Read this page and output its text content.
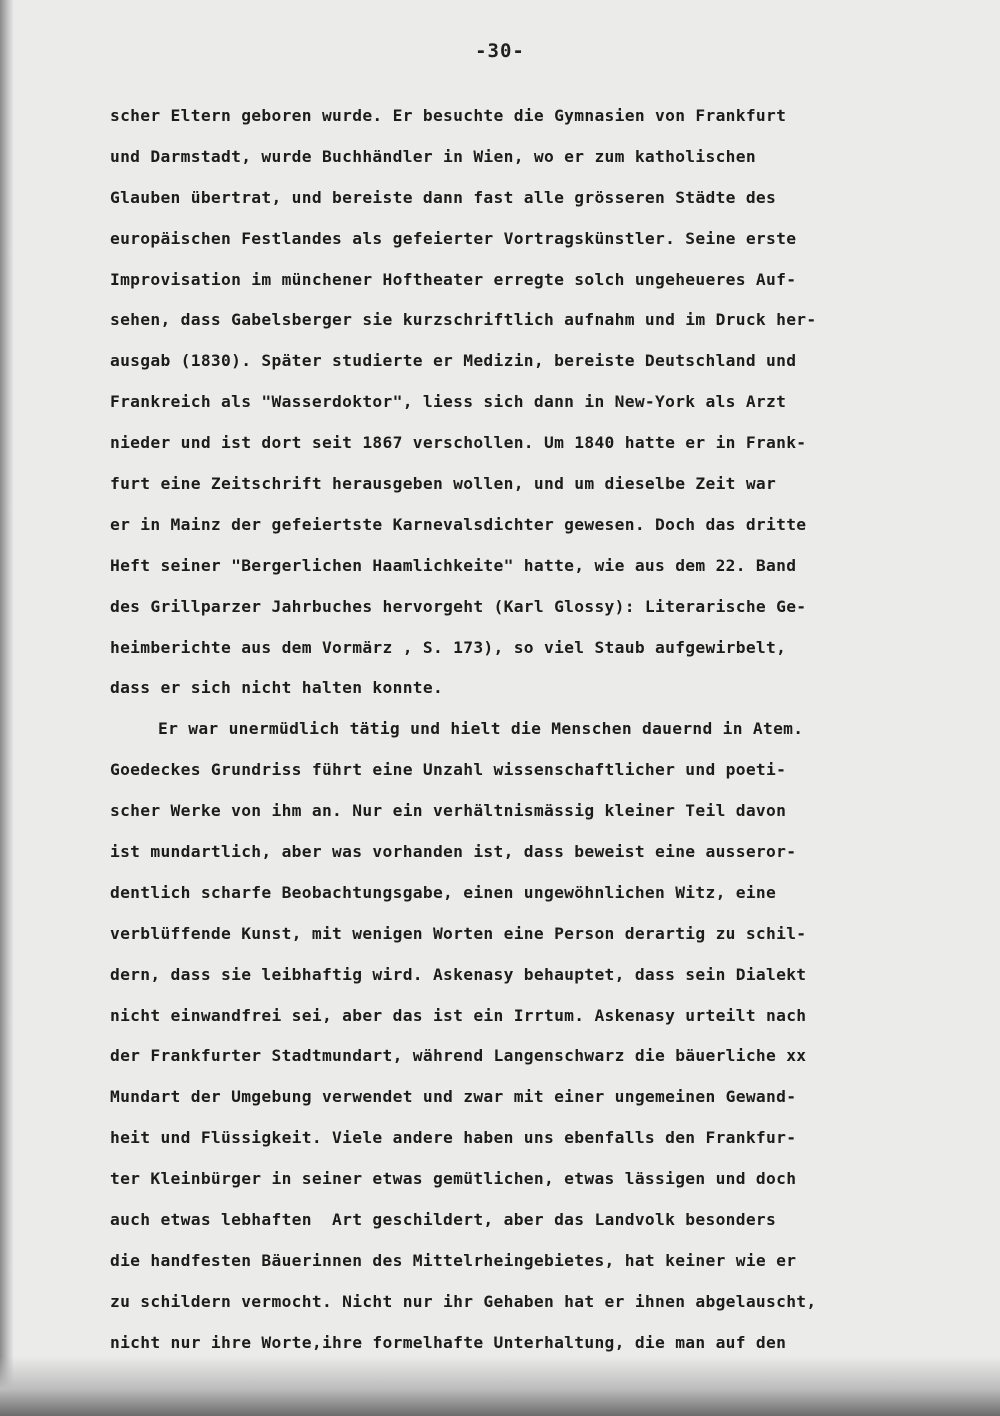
-30-
scher Eltern geboren wurde. Er besuchte die Gymnasien von Frankfurt
und Darmstadt, wurde Buchhändler in Wien, wo er zum katholischen
Glauben übertrat, und bereiste dann fast alle grösseren Städte des
europäischen Festlandes als gefeierter Vortragskünstler. Seine erste
Improvisation im münchener Hoftheater erregte solch ungeheueres Auf-
sehen, dass Gabelsberger sie kurzschriftlich aufnahm und im Druck her-
ausgab (1830). Später studierte er Medizin, bereiste Deutschland und
Frankreich als "Wasserdoktor", liess sich dann in New-York als Arzt
nieder und ist dort seit 1867 verschollen. Um 1840 hatte er in Frank-
furt eine Zeitschrift herausgeben wollen, und um dieselbe Zeit war
er in Mainz der gefeiertste Karnevalsdichter gewesen. Doch das dritte
Heft seiner "Bergerlichen Haamlichkeite" hatte, wie aus dem 22. Band
des Grillparzer Jahrbuches hervorgeht (Karl Glossy): Literarische Ge-
heimberichte aus dem Vormärz , S. 173), so viel Staub aufgewirbelt,
dass er sich nicht halten konnte.
Er war unermüdlich tätig und hielt die Menschen dauernd in Atem.
Goedeckes Grundriss führt eine Unzahl wissenschaftlicher und poeti-
scher Werke von ihm an. Nur ein verhältnismässig kleiner Teil davon
ist mundartlich, aber was vorhanden ist, dass beweist eine ausseror-
dentlich scharfe Beobachtungsgabe, einen ungewöhnlichen Witz, eine
verblüffende Kunst, mit wenigen Worten eine Person derartig zu schil-
dern, dass sie leibhaftig wird. Askenasy behauptet, dass sein Dialekt
nicht einwandfrei sei, aber das ist ein Irrtum. Askenasy urteilt nach
der Frankfurter Stadtmundart, während Langenschwarz die bäuerliche xx
Mundart der Umgebung verwendet und zwar mit einer ungemeinen Gewand-
heit und Flüssigkeit. Viele andere haben uns ebenfalls den Frankfur-
ter Kleinbürger in seiner etwas gemütlichen, etwas lässigen und doch
auch etwas lebhaften  Art geschildert, aber das Landvolk besonders
die handfesten Bäuerinnen des Mittelrheingebietes, hat keiner wie er
zu schildern vermocht. Nicht nur ihr Gehaben hat er ihnen abgelauscht,
nicht nur ihre Worte,ihre formelhafte Unterhaltung, die man auf den
